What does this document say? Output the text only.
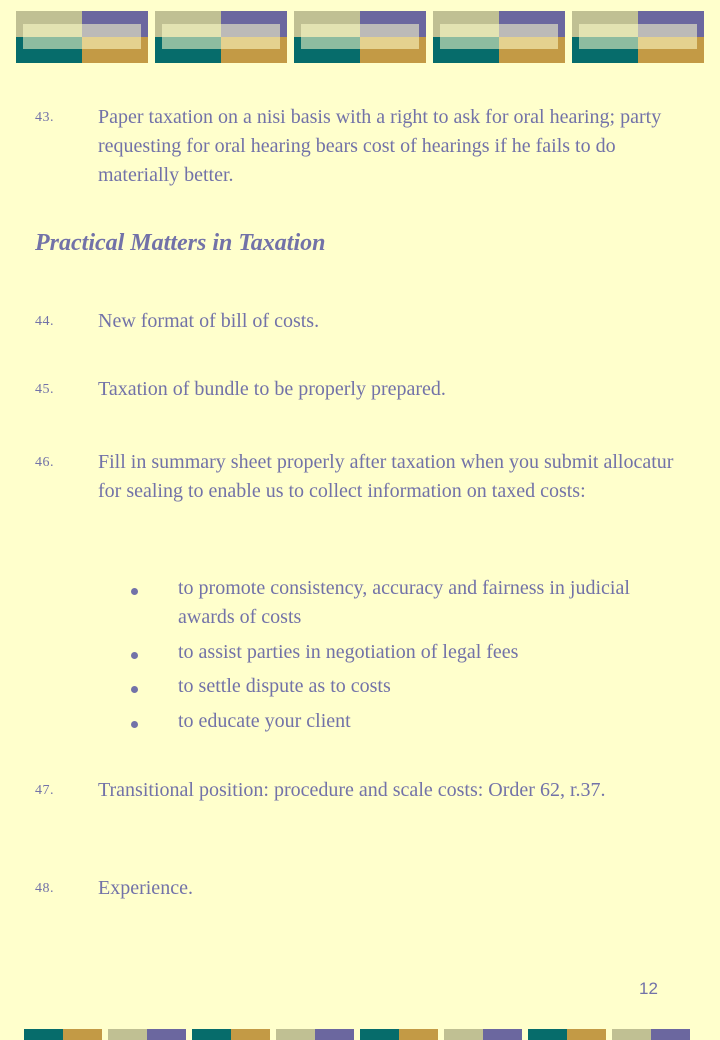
43. Paper taxation on a nisi basis with a right to ask for oral hearing; party requesting for oral hearing bears cost of hearings if he fails to do materially better.
Practical Matters in Taxation
44. New format of bill of costs.
45. Taxation of bundle to be properly prepared.
46. Fill in summary sheet properly after taxation when you submit allocatur for sealing to enable us to collect information on taxed costs:
to promote consistency, accuracy and fairness in judicial awards of costs
to assist parties in negotiation of legal fees
to settle dispute as to costs
to educate your client
47. Transitional position: procedure and scale costs: Order 62, r.37.
48. Experience.
12
